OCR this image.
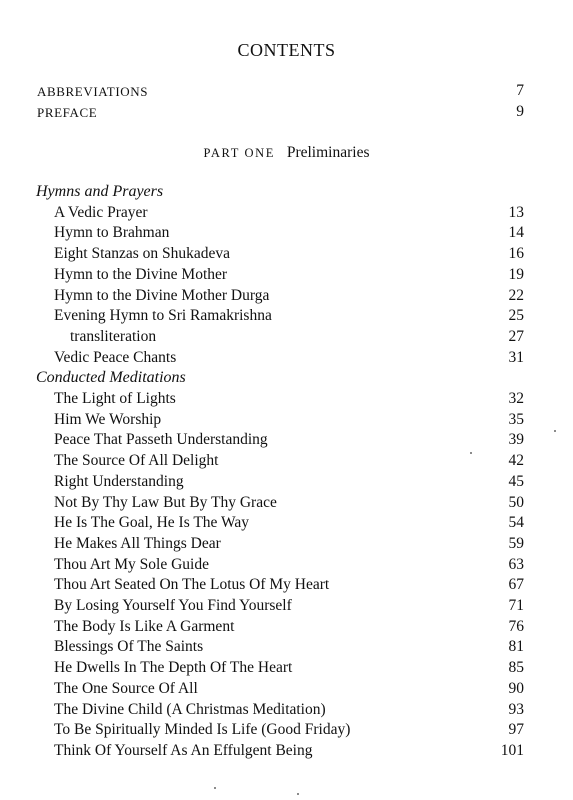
CONTENTS
ABBREVIATIONS	7
PREFACE	9
PART ONE Preliminaries
Hymns and Prayers
A Vedic Prayer	13
Hymn to Brahman	14
Eight Stanzas on Shukadeva	16
Hymn to the Divine Mother	19
Hymn to the Divine Mother Durga	22
Evening Hymn to Sri Ramakrishna	25
transliteration	27
Vedic Peace Chants	31
Conducted Meditations
The Light of Lights	32
Him We Worship	35
Peace That Passeth Understanding	39
The Source Of All Delight	42
Right Understanding	45
Not By Thy Law But By Thy Grace	50
He Is The Goal, He Is The Way	54
He Makes All Things Dear	59
Thou Art My Sole Guide	63
Thou Art Seated On The Lotus Of My Heart	67
By Losing Yourself You Find Yourself	71
The Body Is Like A Garment	76
Blessings Of The Saints	81
He Dwells In The Depth Of The Heart	85
The One Source Of All	90
The Divine Child (A Christmas Meditation)	93
To Be Spiritually Minded Is Life (Good Friday)	97
Think Of Yourself As An Effulgent Being	101
